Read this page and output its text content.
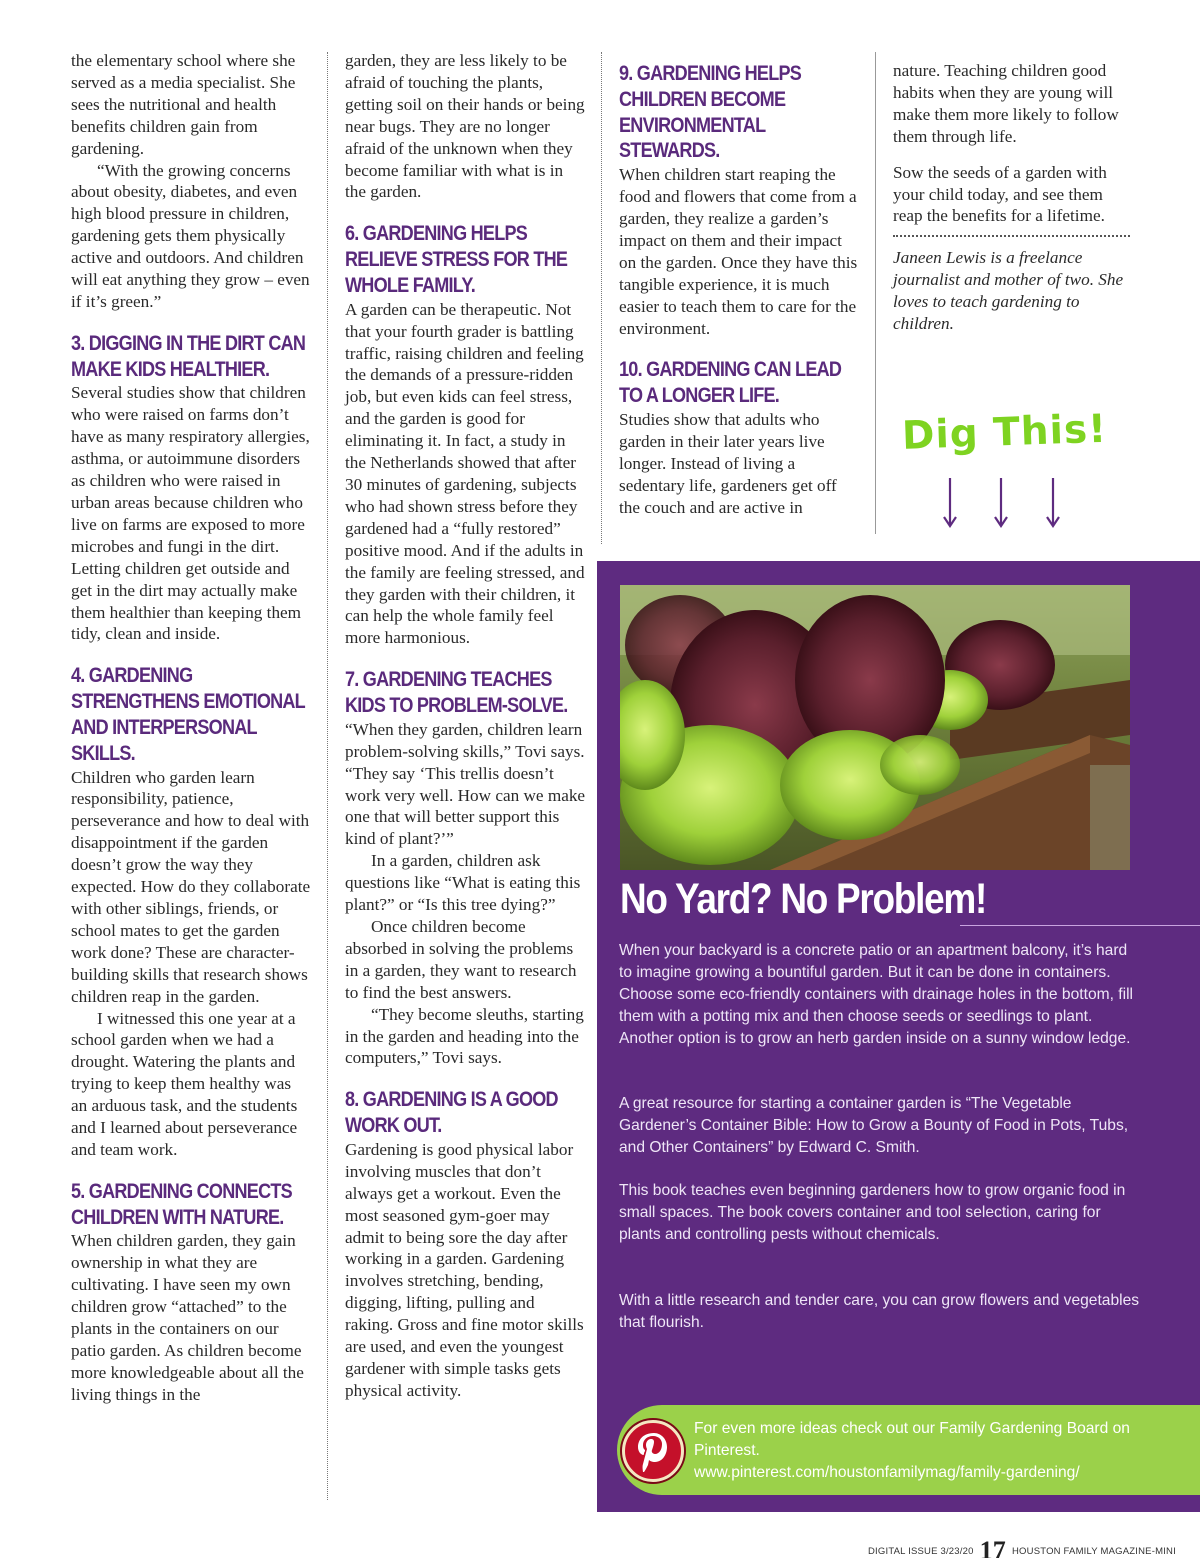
the elementary school where she served as a media specialist. She sees the nutritional and health benefits children gain from gardening.

“With the growing concerns about obesity, diabetes, and even high blood pressure in children, gardening gets them physically active and outdoors. And children will eat anything they grow – even if it’s green.”

3. DIGGING IN THE DIRT CAN MAKE KIDS HEALTHIER.

Several studies show that children who were raised on farms don’t have as many respiratory allergies, asthma, or autoimmune disorders as children who were raised in urban areas because children who live on farms are exposed to more microbes and fungi in the dirt. Letting children get outside and get in the dirt may actually make them healthier than keeping them tidy, clean and inside.

4. GARDENING STRENGTHENS EMOTIONAL AND INTERPERSONAL SKILLS.

Children who garden learn responsibility, patience, perseverance and how to deal with disappointment if the garden doesn’t grow the way they expected. How do they collaborate with other siblings, friends, or school mates to get the garden work done? These are character-building skills that research shows children reap in the garden.

I witnessed this one year at a school garden when we had a drought. Watering the plants and trying to keep them healthy was an arduous task, and the students and I learned about perseverance and team work.

5. GARDENING CONNECTS CHILDREN WITH NATURE.

When children garden, they gain ownership in what they are cultivating. I have seen my own children grow “attached” to the plants in the containers on our patio garden. As children become more knowledgeable about all the living things in the

garden, they are less likely to be afraid of touching the plants, getting soil on their hands or being near bugs. They are no longer afraid of the unknown when they become familiar with what is in the garden.

6. GARDENING HELPS RELIEVE STRESS FOR THE WHOLE FAMILY.

A garden can be therapeutic. Not that your fourth grader is battling traffic, raising children and feeling the demands of a pressure-ridden job, but even kids can feel stress, and the garden is good for eliminating it. In fact, a study in the Netherlands showed that after 30 minutes of gardening, subjects who had shown stress before they gardened had a “fully restored” positive mood. And if the adults in the family are feeling stressed, and they garden with their children, it can help the whole family feel more harmonious.

7. GARDENING TEACHES KIDS TO PROBLEM-SOLVE.

“When they garden, children learn problem-solving skills,” Tovi says. “They say ‘This trellis doesn’t work very well. How can we make one that will better support this kind of plant?’”

In a garden, children ask questions like “What is eating this plant?” or “Is this tree dying?”

Once children become absorbed in solving the problems in a garden, they want to research to find the best answers.

“They become sleuths, starting in the garden and heading into the computers,” Tovi says.

8. GARDENING IS A GOOD WORK OUT.

Gardening is good physical labor involving muscles that don’t always get a workout. Even the most seasoned gym-goer may admit to being sore the day after working in a garden. Gardening involves stretching, bending, digging, lifting, pulling and raking. Gross and fine motor skills are used, and even the youngest gardener with simple tasks gets physical activity.

9. GARDENING HELPS CHILDREN BECOME ENVIRONMENTAL STEWARDS.

When children start reaping the food and flowers that come from a garden, they realize a garden’s impact on them and their impact on the garden. Once they have this tangible experience, it is much easier to teach them to care for the environment.

10. GARDENING CAN LEAD TO A LONGER LIFE.

Studies show that adults who garden in their later years live longer. Instead of living a sedentary life, gardeners get off the couch and are active in

nature. Teaching children good habits when they are young will make them more likely to follow them through life.

Sow the seeds of a garden with your child today, and see them reap the benefits for a lifetime.

Janeen Lewis is a freelance journalist and mother of two. She loves to teach gardening to children.

Dig This!
No Yard? No Problem!

When your backyard is a concrete patio or an apartment balcony, it’s hard to imagine growing a bountiful garden. But it can be done in containers. Choose some eco-friendly containers with drainage holes in the bottom, fill them with a potting mix and then choose seeds or seedlings to plant. Another option is to grow an herb garden inside on a sunny window ledge.

A great resource for starting a container garden is “The Vegetable Gardener’s Container Bible: How to Grow a Bounty of Food in Pots, Tubs, and Other Containers” by Edward C. Smith.

This book teaches even beginning gardeners how to grow organic food in small spaces. The book covers container and tool selection, caring for plants and controlling pests without chemicals.

With a little research and tender care, you can grow flowers and vegetables that flourish.

For even more ideas check out our Family Gardening Board on Pinterest.
www.pinterest.com/houstonfamilymag/family-gardening/
DIGITAL ISSUE 3/23/20 17 HOUSTON FAMILY MAGAZINE-MINI
